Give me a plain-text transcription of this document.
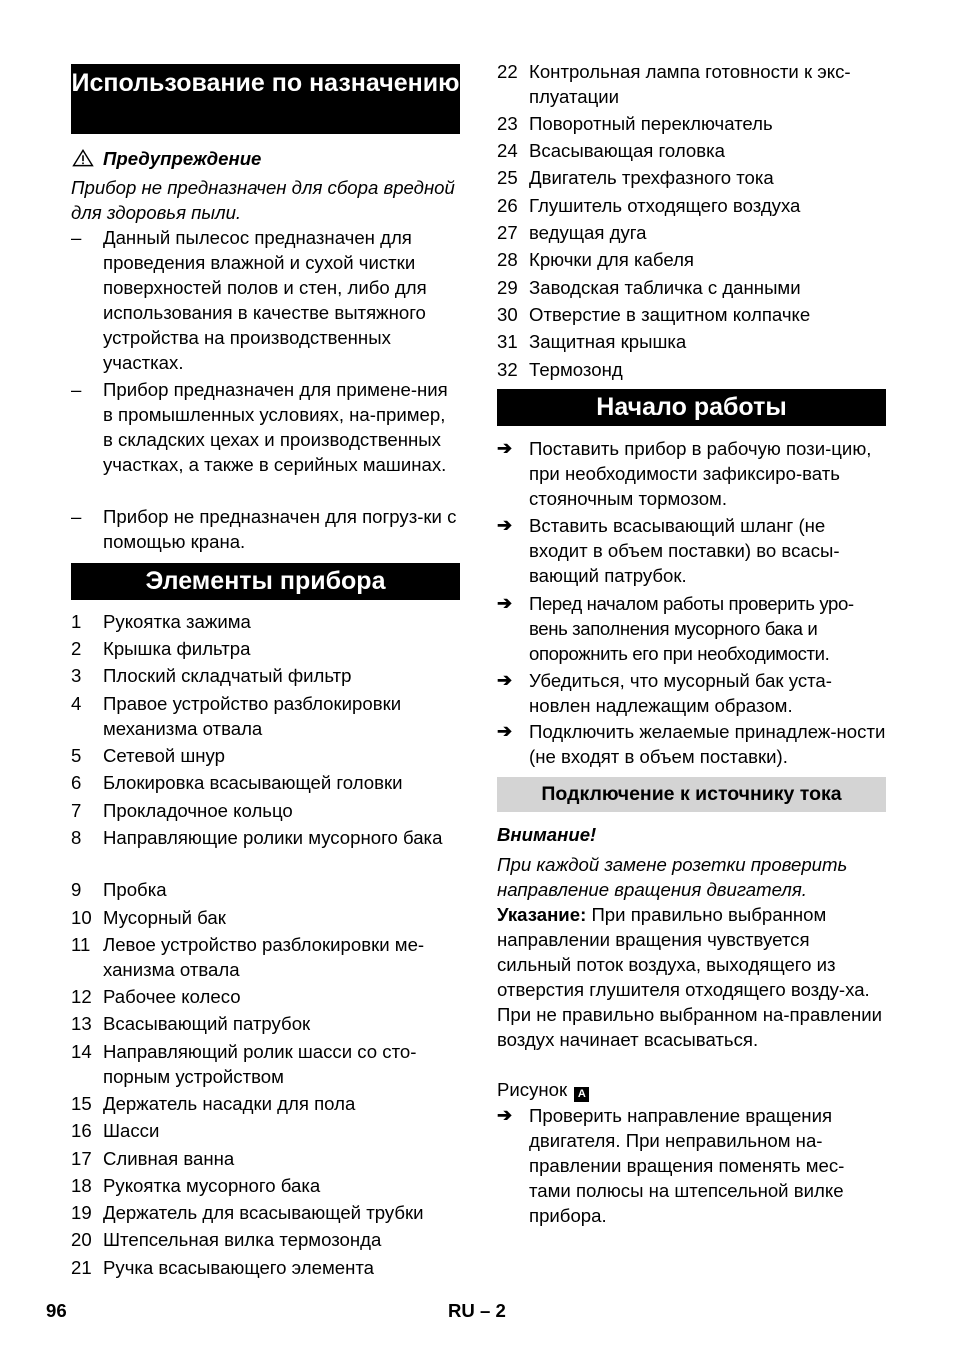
Использование по назначению
Предупреждение

Прибор не предназначен для сбора вредной для здоровья пыли.

–	Данный пылесос предназначен для проведения влажной и сухой чистки поверхностей полов и стен, либо для использования в качестве вытяжного устройства на производственных участках.
–	Прибор предназначен для примене-ния в промышленных условиях, на-пример, в складских цехах и производственных участках, а также в серийных машинах.
–	Прибор не предназначен для погруз-ки с помощью крана.
Элементы прибора
1	Рукоятка зажима
2	Крышка фильтра
3	Плоский складчатый фильтр
4	Правое устройство разблокировки механизма отвала
5	Сетевой шнур
6	Блокировка всасывающей головки
7	Прокладочное кольцо
8	Направляющие ролики мусорного бака
9	Пробка
10 Мусорный бак
11 Левое устройство разблокировки ме-ханизма отвала
12 Рабочее колесо
13 Всасывающий патрубок
14 Направляющий ролик шасси со сто-порным устройством
15 Держатель насадки для пола
16 Шасси
17 Сливная ванна
18 Рукоятка мусорного бака
19 Держатель для всасывающей трубки
20 Штепсельная вилка термозонда
21 Ручка всасывающего элемента
22 Контрольная лампа готовности к экс-плуатации
23 Поворотный переключатель
24 Всасывающая головка
25 Двигатель трехфазного тока
26 Глушитель отходящего воздуха
27 ведущая дуга
28 Крючки для кабеля
29 Заводская табличка с данными
30 Отверстие в защитном колпачке
31 Защитная крышка
32 Термозонд
Начало работы
➔ Поставить прибор в рабочую пози-цию, при необходимости зафиксиро-вать стояночным тормозом.
➔ Вставить всасывающий шланг (не входит в объем поставки) во всасы-вающий патрубок.
➔ Перед началом работы проверить уро-вень заполнения мусорного бака и опорожнить его при необходимости.
➔ Убедиться, что мусорный бак уста-новлен надлежащим образом.
➔ Подключить желаемые принадлеж-ности (не входят в объем поставки).
Подключение к источнику тока

Внимание!

При каждой замене розетки проверить направление вращения двигателя.

Указание: При правильно выбранном направлении вращения чувствуется сильный поток воздуха, выходящего из отверстия глушителя отходящего возду-ха. При не правильно выбранном на-правлении воздух начинает всасываться.

Рисунок A

➔ Проверить направление вращения двигателя. При неправильном на-правлении вращения поменять мес-тами полюсы на штепсельной вилке прибора.
96	RU – 2
